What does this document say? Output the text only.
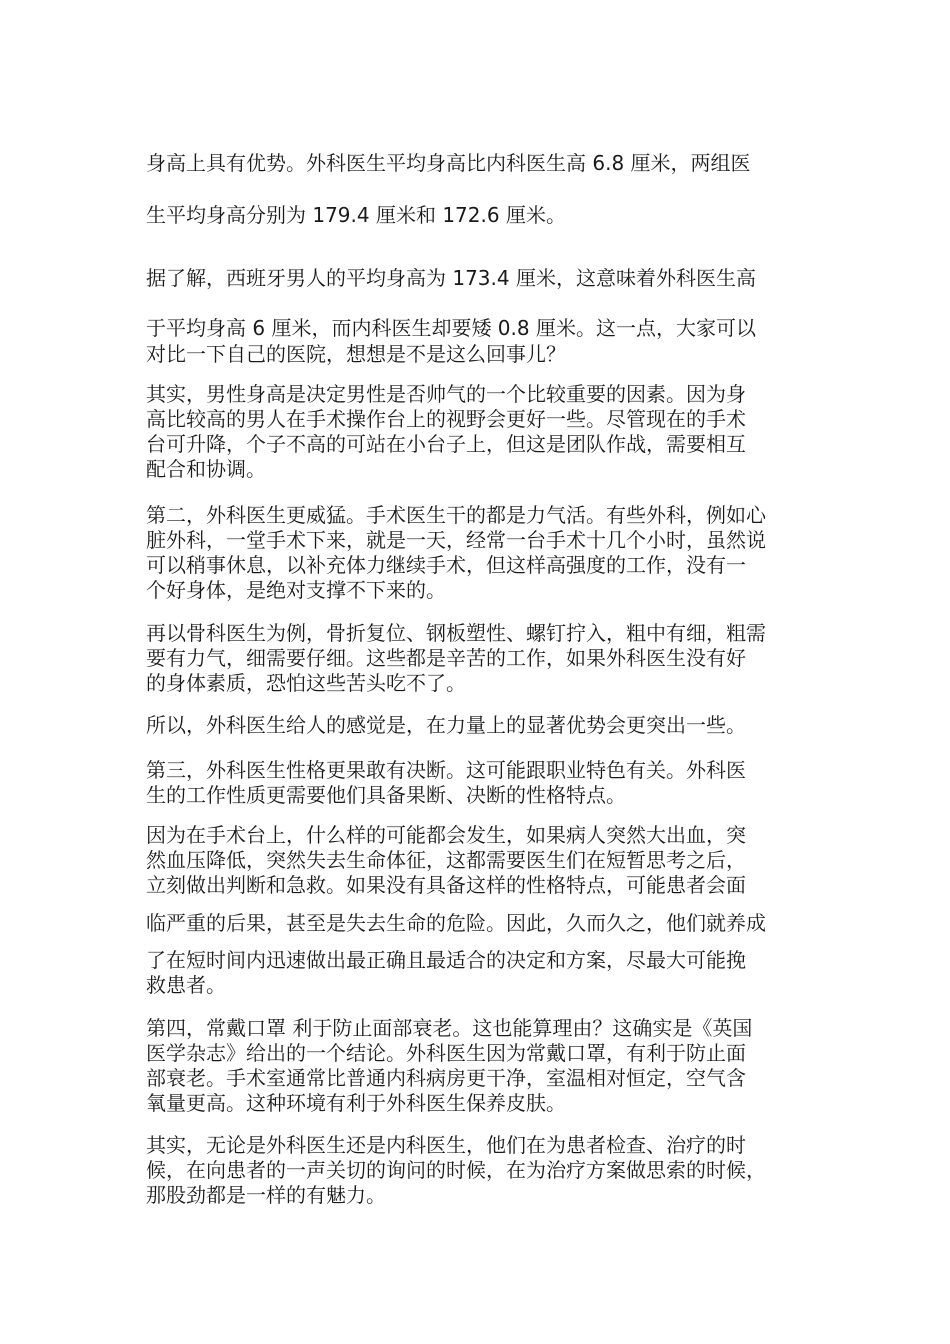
身高上具有优势。外科医生平均身高比内科医生高 6.8 厘米，两组医
生平均身高分别为 179.4 厘米和 172.6 厘米。

据了解，西班牙男人的平均身高为 173.4 厘米，这意味着外科医生高
于平均身高 6 厘米，而内科医生却要矮 0.8 厘米。这一点，大家可以

对比一下自己的医院，想想是不是这么回事儿？

其实，男性身高是决定男性是否帅气的一个比较重要的因素。因为身
高比较高的男人在手术操作台上的视野会更好一些。尽管现在的手术
台可升降，个子不高的可站在小台子上，但这是团队作战，需要相互
配合和协调。

第二，外科医生更威猛。手术医生干的都是力气活。有些外科，例如心
脏外科，一堂手术下来，就是一天，经常一台手术十几个小时，虽然说
可以稍事休息，以补充体力继续手术，但这样高强度的工作，没有一
个好身体，是绝对支撑不下来的。

再以骨科医生为例，骨折复位、钢板塑性、螺钉拧入，粗中有细，粗需
要有力气，细需要仔细。这些都是辛苦的工作，如果外科医生没有好
的身体素质，恐怕这些苦头吃不了。

所以，外科医生给人的感觉是，在力量上的显著优势会更突出一些。

第三，外科医生性格更果敢有决断。这可能跟职业特色有关。外科医
生的工作性质更需要他们具备果断、决断的性格特点。

因为在手术台上，什么样的可能都会发生，如果病人突然大出血，突
然血压降低，突然失去生命体征，这都需要医生们在短暂思考之后，
立刻做出判断和急救。如果没有具备这样的性格特点，可能患者会面

临严重的后果，甚至是失去生命的危险。因此，久而久之，他们就养成

了在短时间内迅速做出最正确且最适合的决定和方案，尽最大可能挽
救患者。

第四，常戴口罩 利于防止面部衰老。这也能算理由？这确实是《英国
医学杂志》给出的一个结论。外科医生因为常戴口罩，有利于防止面
部衰老。手术室通常比普通内科病房更干净，室温相对恒定，空气含
氧量更高。这种环境有利于外科医生保养皮肤。

其实，无论是外科医生还是内科医生，他们在为患者检查、治疗的时
候，在向患者的一声关切的询问的时候，在为治疗方案做思索的时候，
那股劲都是一样的有魅力。
